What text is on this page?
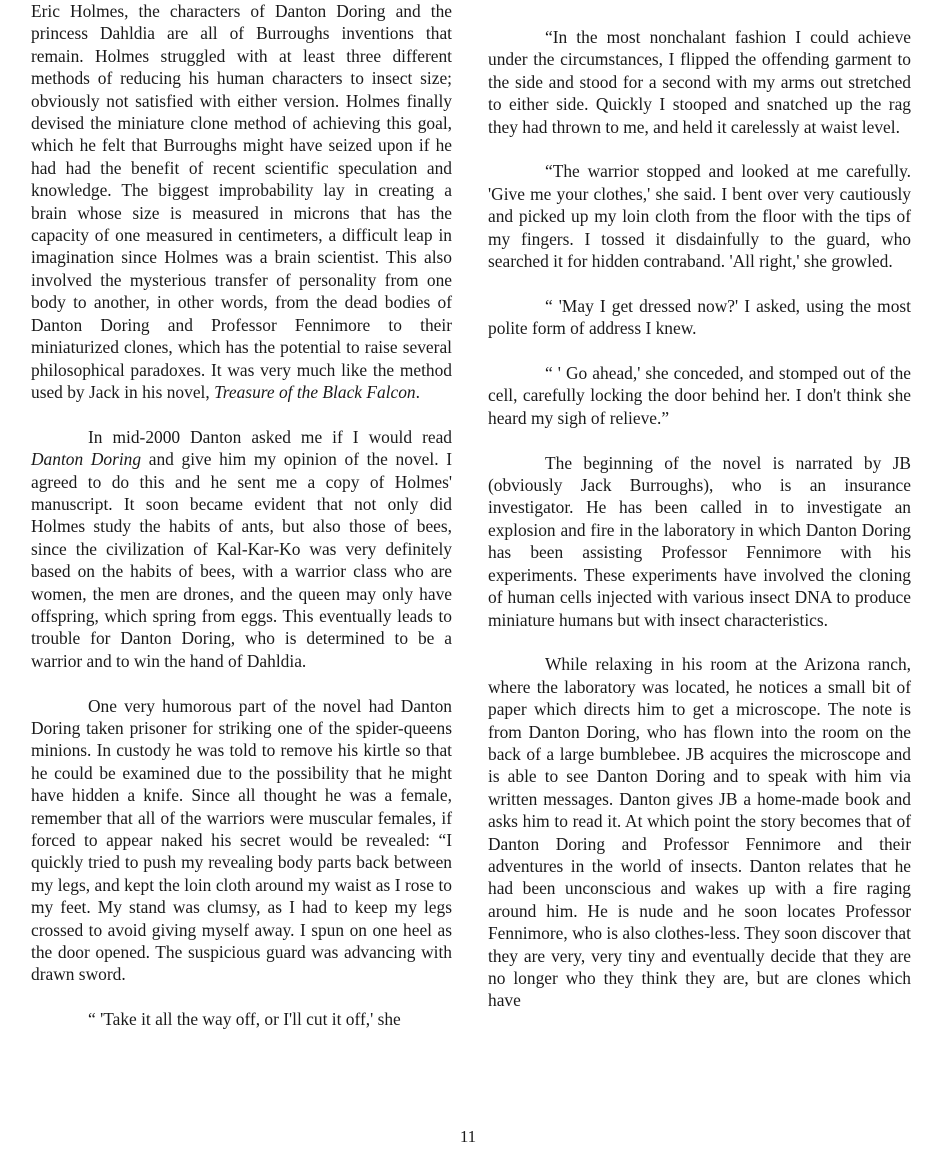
Eric Holmes, the characters of Danton Doring and the princess Dahldia are all of Burroughs inventions that remain. Holmes struggled with at least three different methods of reducing his human characters to insect size; obviously not satisfied with either version. Holmes finally devised the miniature clone method of achieving this goal, which he felt that Burroughs might have seized upon if he had had the benefit of recent scientific speculation and knowledge. The biggest improbability lay in creating a brain whose size is measured in microns that has the capacity of one measured in centimeters, a difficult leap in imagination since Holmes was a brain scientist. This also involved the mysterious transfer of personality from one body to another, in other words, from the dead bodies of Danton Doring and Professor Fennimore to their miniaturized clones, which has the potential to raise several philosophical paradoxes. It was very much like the method used by Jack in his novel, Treasure of the Black Falcon.

In mid-2000 Danton asked me if I would read Danton Doring and give him my opinion of the novel. I agreed to do this and he sent me a copy of Holmes' manuscript. It soon became evident that not only did Holmes study the habits of ants, but also those of bees, since the civilization of Kal-Kar-Ko was very definitely based on the habits of bees, with a warrior class who are women, the men are drones, and the queen may only have offspring, which spring from eggs. This eventually leads to trouble for Danton Doring, who is determined to be a warrior and to win the hand of Dahldia.

One very humorous part of the novel had Danton Doring taken prisoner for striking one of the spider-queens minions. In custody he was told to remove his kirtle so that he could be examined due to the possibility that he might have hidden a knife. Since all thought he was a female, remember that all of the warriors were muscular females, if forced to appear naked his secret would be revealed: “I quickly tried to push my revealing body parts back between my legs, and kept the loin cloth around my waist as I rose to my feet. My stand was clumsy, as I had to keep my legs crossed to avoid giving myself away. I spun on one heel as the door opened. The suspicious guard was advancing with drawn sword.

“ 'Take it all the way off, or I'll cut it off,' she

“In the most nonchalant fashion I could achieve under the circumstances, I flipped the offending garment to the side and stood for a second with my arms out stretched to either side. Quickly I stooped and snatched up the rag they had thrown to me, and held it carelessly at waist level.

“The warrior stopped and looked at me carefully. 'Give me your clothes,' she said. I bent over very cautiously and picked up my loin cloth from the floor with the tips of my fingers. I tossed it disdainfully to the guard, who searched it for hidden contraband. 'All right,' she growled.

“ 'May I get dressed now?' I asked, using the most polite form of address I knew.

“ ' Go ahead,' she conceded, and stomped out of the cell, carefully locking the door behind her. I don't think she heard my sigh of relieve.”

The beginning of the novel is narrated by JB (obviously Jack Burroughs), who is an insurance investigator. He has been called in to investigate an explosion and fire in the laboratory in which Danton Doring has been assisting Professor Fennimore with his experiments. These experiments have involved the cloning of human cells injected with various insect DNA to produce miniature humans but with insect characteristics.

While relaxing in his room at the Arizona ranch, where the laboratory was located, he notices a small bit of paper which directs him to get a microscope. The note is from Danton Doring, who has flown into the room on the back of a large bumblebee. JB acquires the microscope and is able to see Danton Doring and to speak with him via written messages. Danton gives JB a home-made book and asks him to read it. At which point the story becomes that of Danton Doring and Professor Fennimore and their adventures in the world of insects. Danton relates that he had been unconscious and wakes up with a fire raging around him. He is nude and he soon locates Professor Fennimore, who is also clothes-less. They soon discover that they are very, very tiny and eventually decide that they are no longer who they think they are, but are clones which have

11
